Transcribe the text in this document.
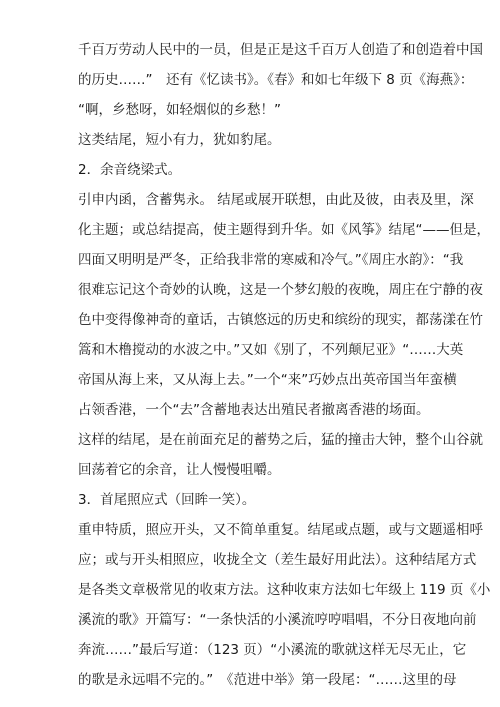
千百万劳动人民中的一员，但是正是这千百万人创造了和创造着中国
的历史……”　还有《忆读书》。《春》和如七年级下 8 页《海燕》：
“啊，乡愁呀，如轻烟似的乡愁！”
这类结尾，短小有力，犹如豹尾。
2．余音绕梁式。
引申内函，含蓄隽永。 结尾或展开联想，由此及彼，由表及里，深
化主题；或总结提高，使主题得到升华。如《风筝》结尾“——但是，
四面又明明是严冬，正给我非常的寒威和冷气。”《周庄水韵》：“我
很难忘记这个奇妙的认晚，这是一个梦幻般的夜晚，周庄在宁静的夜
色中变得像神奇的童话，古镇悠远的历史和缤纷的现实，都荡漾在竹
篙和木橹搅动的水波之中。”又如《别了，不列颠尼亚》“……大英
帝国从海上来，又从海上去。”一个“来”巧妙点出英帝国当年蛮横
占领香港，一个“去”含蓄地表达出殖民者撤离香港的场面。
这样的结尾，是在前面充足的蓄势之后，猛的撞击大钟，整个山谷就
回荡着它的余音，让人慢慢咀嚼。
3．首尾照应式（回眸一笑）。
重申特质，照应开头，又不简单重复。结尾或点题，或与文题遥相呼
应；或与开头相照应，收拢全文（差生最好用此法）。这种结尾方式
是各类文章极常见的收束方法。这种收束方法如七年级上 119 页《小
溪流的歌》开篇写：“一条快活的小溪流哼哼唱唱，不分日夜地向前
奔流……”最后写道：（123 页）“小溪流的歌就这样无尽无止，它
的歌是永远唱不完的。”　《范进中举》第一段尾：“……这里的母
